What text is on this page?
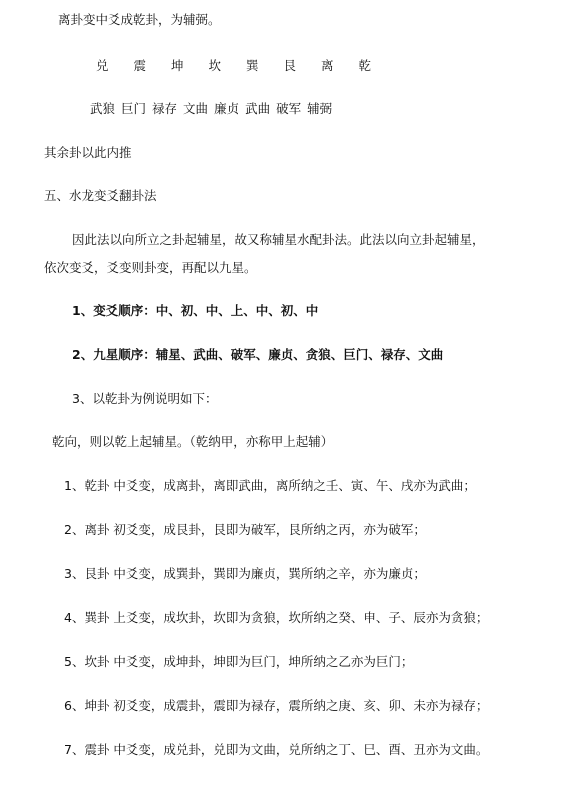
离卦变中爻成乾卦，为辅弼。
兑 震 坤 坎 巽 艮 离 乾
武狼 巨门 禄存 文曲 廉贞 武曲 破军 辅弼
其余卦以此内推
五、水龙变爻翻卦法
因此法以向所立之卦起辅星，故又称辅星水配卦法。此法以向立卦起辅星，
依次变爻，爻变则卦变，再配以九星。
1、变爻顺序：中、初、中、上、中、初、中
2、九星顺序：辅星、武曲、破军、廉贞、贪狼、巨门、禄存、文曲
3、以乾卦为例说明如下：
乾向，则以乾上起辅星。（乾纳甲，亦称甲上起辅）
1、乾卦 中爻变，成离卦，离即武曲，离所纳之壬、寅、午、戌亦为武曲；
2、离卦 初爻变，成艮卦，艮即为破军，艮所纳之丙，亦为破军；
3、艮卦 中爻变，成巽卦，巽即为廉贞，巽所纳之辛，亦为廉贞；
4、巽卦 上爻变，成坎卦，坎即为贪狼，坎所纳之癸、申、子、辰亦为贪狼；
5、坎卦 中爻变，成坤卦，坤即为巨门，坤所纳之乙亦为巨门；
6、坤卦 初爻变，成震卦，震即为禄存，震所纳之庚、亥、卯、未亦为禄存；
7、震卦 中爻变，成兑卦，兑即为文曲，兑所纳之丁、巳、酉、丑亦为文曲。
